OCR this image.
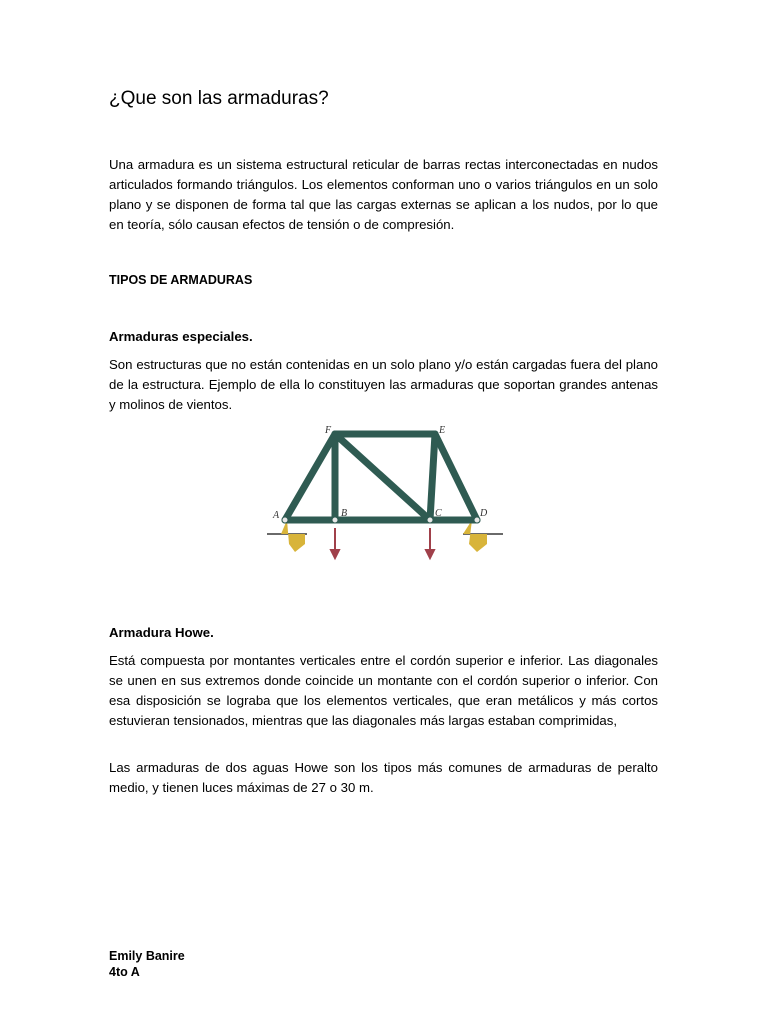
¿Que son las armaduras?

Una armadura es un sistema estructural reticular de barras rectas interconectadas en nudos articulados formando triángulos. Los elementos conforman uno o varios triángulos en un solo plano y se disponen de forma tal que las cargas externas se aplican a los nudos, por lo que en teoría, sólo causan efectos de tensión o de compresión.

TIPOS DE ARMADURAS
Armaduras especiales.

Son estructuras que no están contenidas en un solo plano y/o están cargadas fuera del plano de la estructura. Ejemplo de ella lo constituyen las armaduras que soportan grandes antenas y molinos de vientos.

F	E
A	B	C	D
Armadura Howe.

Está compuesta por montantes verticales entre el cordón superior e inferior. Las diagonales se unen en sus extremos donde coincide un montante con el cordón superior o inferior. Con esa disposición se lograba que los elementos verticales, que eran metálicos y más cortos estuvieran tensionados, mientras que las diagonales más largas estaban comprimidas,

Las armaduras de dos aguas Howe son los tipos más comunes de armaduras de peralto medio, y tienen luces máximas de 27 o 30 m.

Emily Banire
4to A
